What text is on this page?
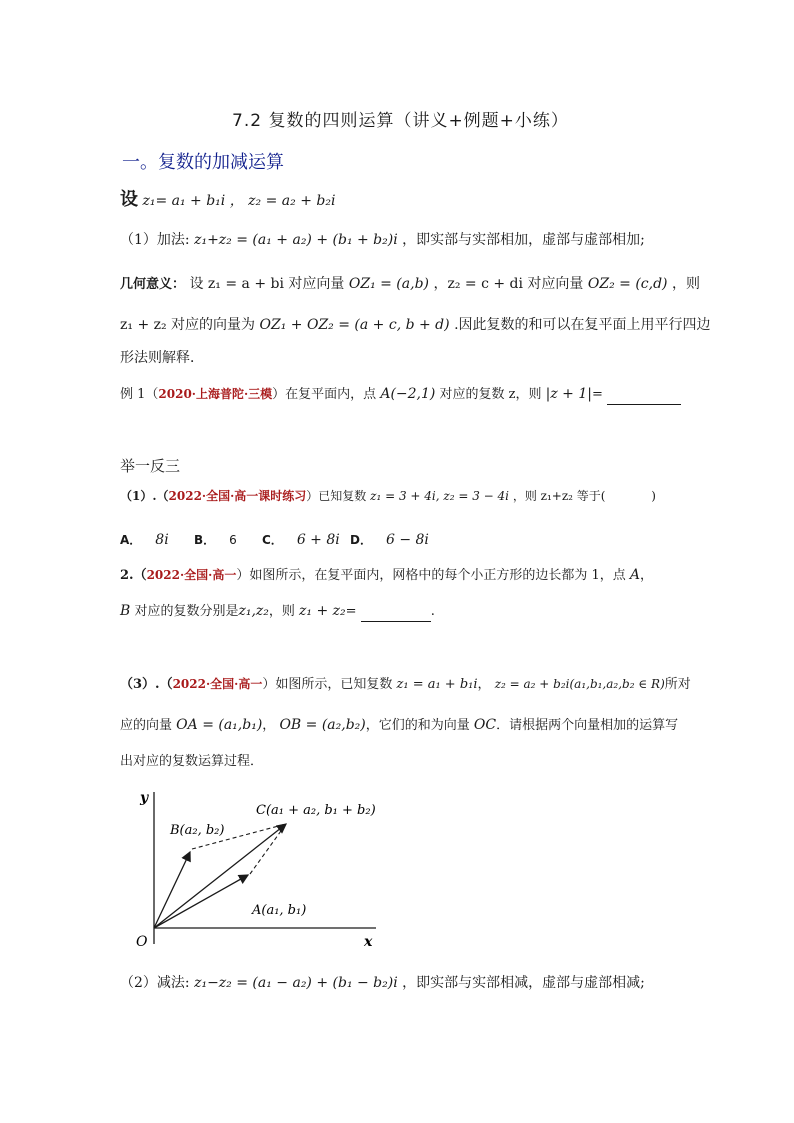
7.2 复数的四则运算（讲义+例题+小练）
一。复数的加减运算
设 z₁= a₁ + b₁i ， z₂ = a₂ + b₂i
（1）加法: z₁+z₂ = (a₁ + a₂) + (b₁ + b₂)i ，即实部与实部相加，虚部与虚部相加;
几何意义： 设 z₁ = a + bi 对应向量 OZ₁ = (a,b) ，z₂ = c + di 对应向量 OZ₂ = (c,d) ，则
z₁ + z₂ 对应的向量为 OZ₁ + OZ₂ = (a + c, b + d) .因此复数的和可以在复平面上用平行四边
形法则解释．
例 1（2020·上海普陀·三模）在复平面内，点 A(−2,1) 对应的复数 z，则 |z + 1|=
举一反三
（1）.（2022·全国·高一课时练习）已知复数 z₁ = 3 + 4i, z₂ = 3 − 4i ，则 z₁+z₂ 等于(	)
A． 8i B． 6 C． 6 + 8i D． 6 − 8i
2.（2022·全国·高一）如图所示，在复平面内，网格中的每个小正方形的边长都为 1，点 A，
B 对应的复数分别是z₁,z₂，则 z₁ + z₂=	.
（3）.（2022·全国·高一）如图所示，已知复数 z₁ = a₁ + b₁i， z₂ = a₂ + b₂i(a₁,b₁,a₂,b₂ ∈ R)所对
应的向量 OA = (a₁,b₁)， OB = (a₂,b₂)，它们的和为向量 OC．请根据两个向量相加的运算写
出对应的复数运算过程．
y
x
O
A(a₁, b₁)
B(a₂, b₂)
C(a₁ + a₂, b₁ + b₂)
（2）减法: z₁−z₂ = (a₁ − a₂) + (b₁ − b₂)i ，即实部与实部相减，虚部与虚部相减;
